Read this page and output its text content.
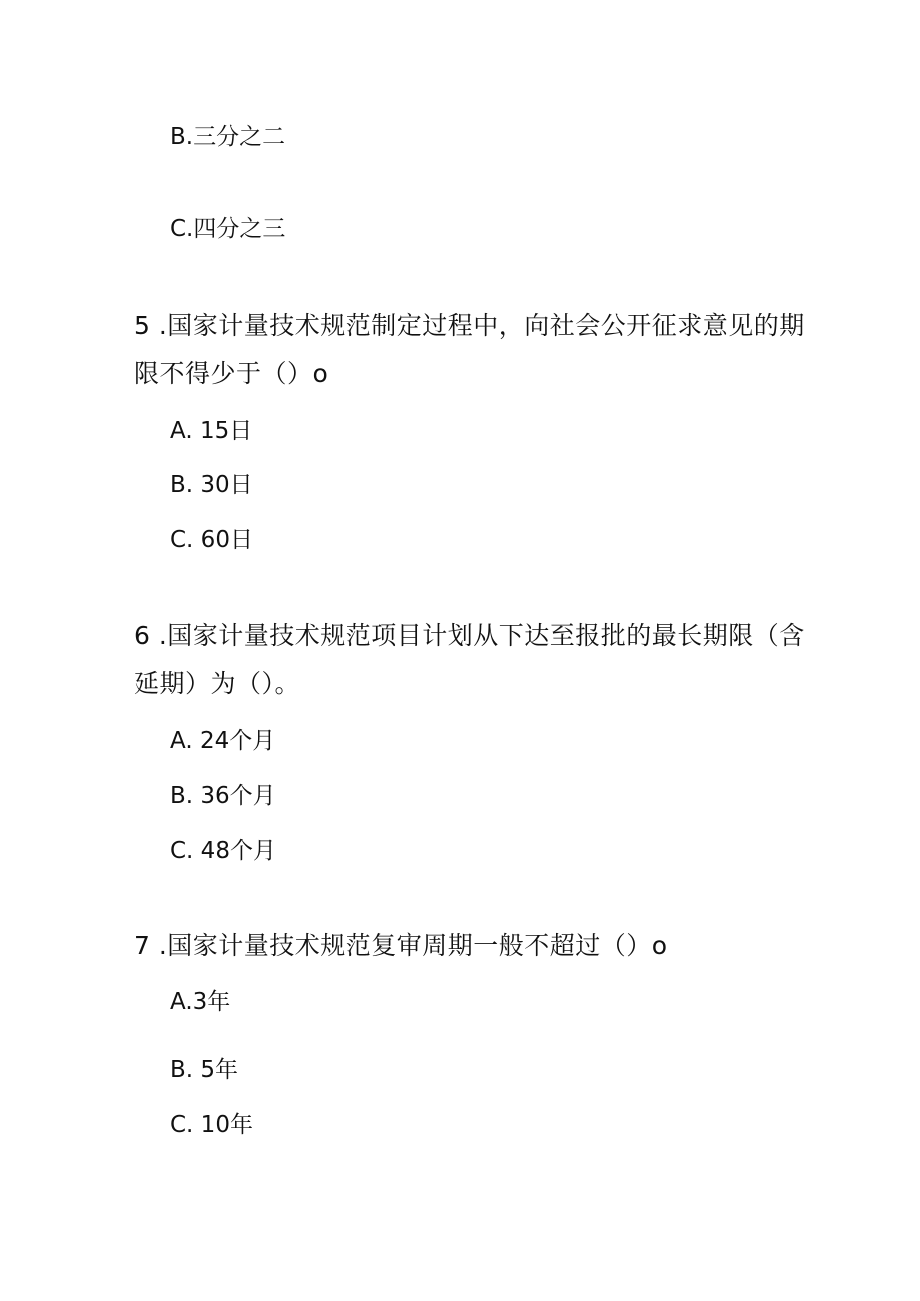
B.三分之二
C.四分之三
5 .国家计量技术规范制定过程中，向社会公开征求意见的期
限不得少于（）o
A. 15日
B. 30日
C. 60日
6 .国家计量技术规范项目计划从下达至报批的最长期限（含
延期）为（）。
A. 24个月
B. 36个月
C. 48个月
7 .国家计量技术规范复审周期一般不超过（）o
A.3年
B. 5年
C. 10年
